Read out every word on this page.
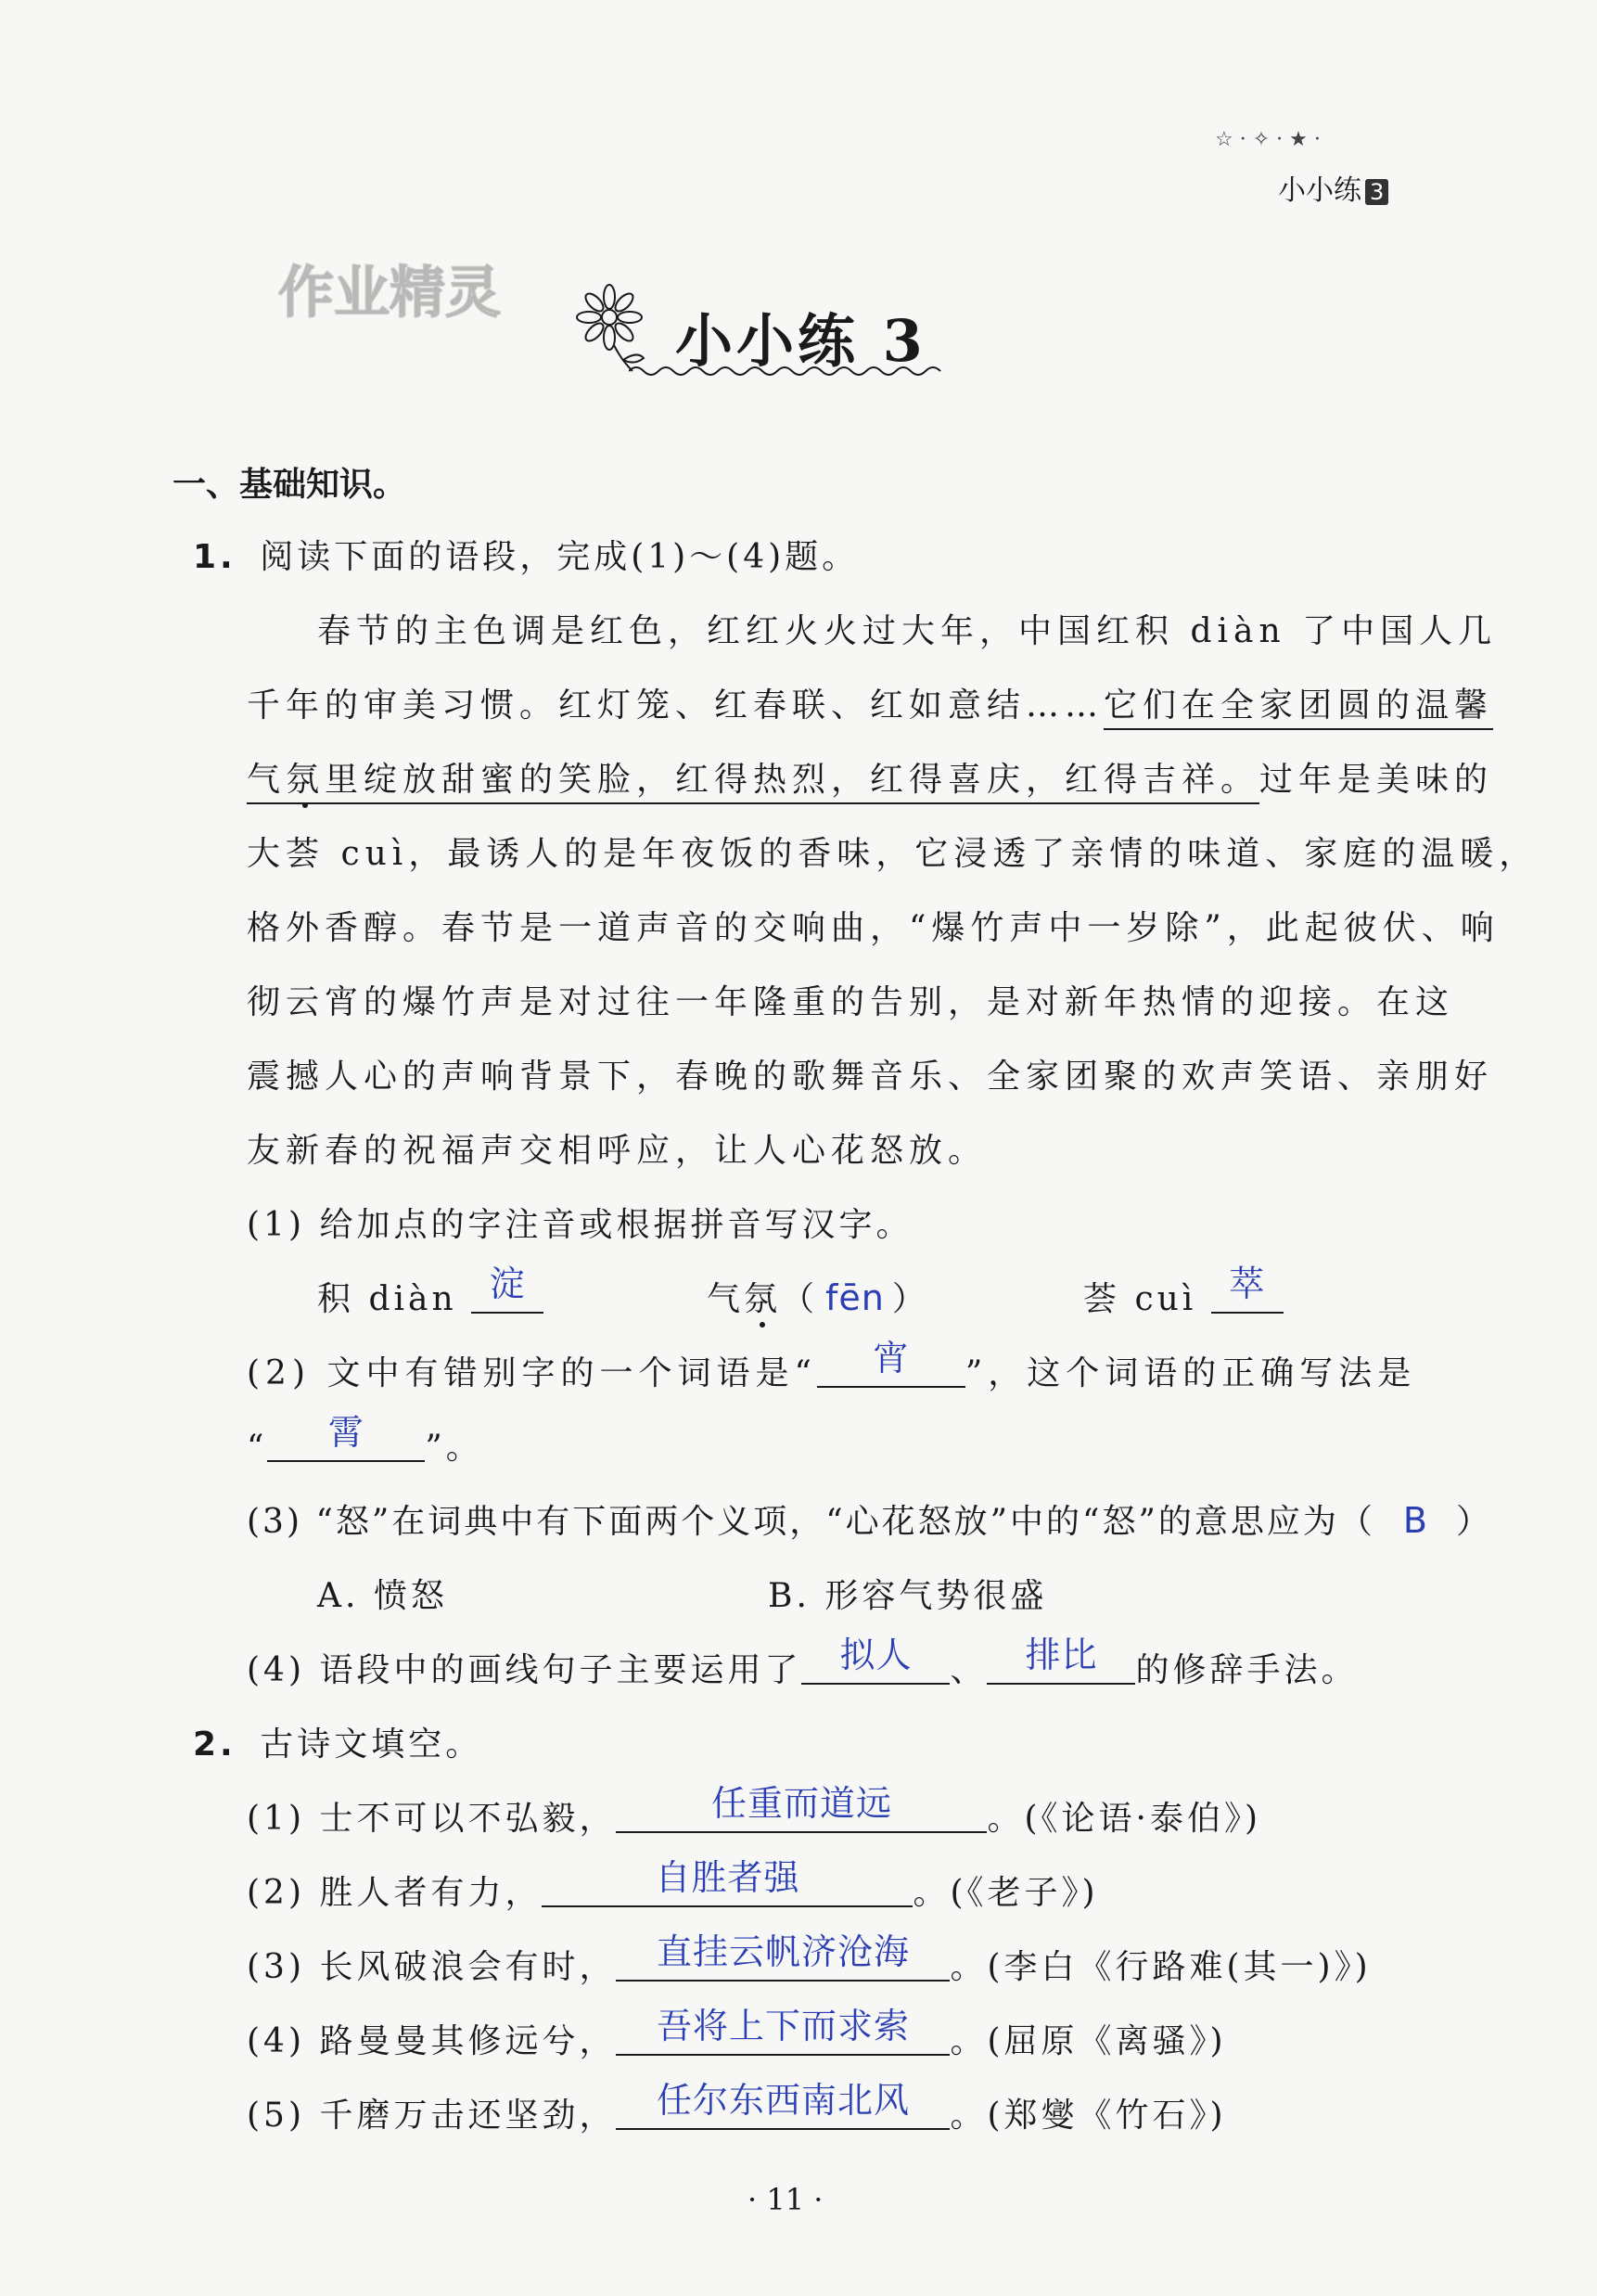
☆ · ✧ · ★ ·
小小练 3
作业精灵
小小练 3
一、基础知识。
1. 阅读下面的语段，完成(1)～(4)题。
春节的主色调是红色，红红火火过大年，中国红积 diàn 了中国人几
千年的审美习惯。红灯笼、红春联、红如意结……它们在全家团圆的温馨
气氛里绽放甜蜜的笑脸，红得热烈，红得喜庆，红得吉祥。过年是美味的
大荟 cuì，最诱人的是年夜饭的香味，它浸透了亲情的味道、家庭的温暖，
格外香醇。春节是一道声音的交响曲，“爆竹声中一岁除”，此起彼伏、响
彻云宵的爆竹声是对过往一年隆重的告别，是对新年热情的迎接。在这
震撼人心的声响背景下，春晚的歌舞音乐、全家团聚的欢声笑语、亲朋好
友新春的祝福声交相呼应，让人心花怒放。
(1) 给加点的字注音或根据拼音写汉字。
积 diàn 淀	气氛（ fēn ）	荟 cuì 萃
(2) 文中有错别字的一个词语是“	宵	”，这个词语的正确写法是
“	霄	”。
(3) “怒”在词典中有下面两个义项，“心花怒放”中的“怒”的意思应为（ B ）
A. 愤怒	B. 形容气势很盛
(4) 语段中的画线句子主要运用了	拟人	、	排比	的修辞手法。
2. 古诗文填空。
(1) 士不可以不弘毅，	任重而道远	。(《论语·泰伯》)
(2) 胜人者有力，	自胜者强	。(《老子》)
(3) 长风破浪会有时，	直挂云帆济沧海	。(李白《行路难(其一)》)
(4) 路曼曼其修远兮，	吾将上下而求索	。(屈原《离骚》)
(5) 千磨万击还坚劲，	任尔东西南北风	。(郑燮《竹石》)
· 11 ·
